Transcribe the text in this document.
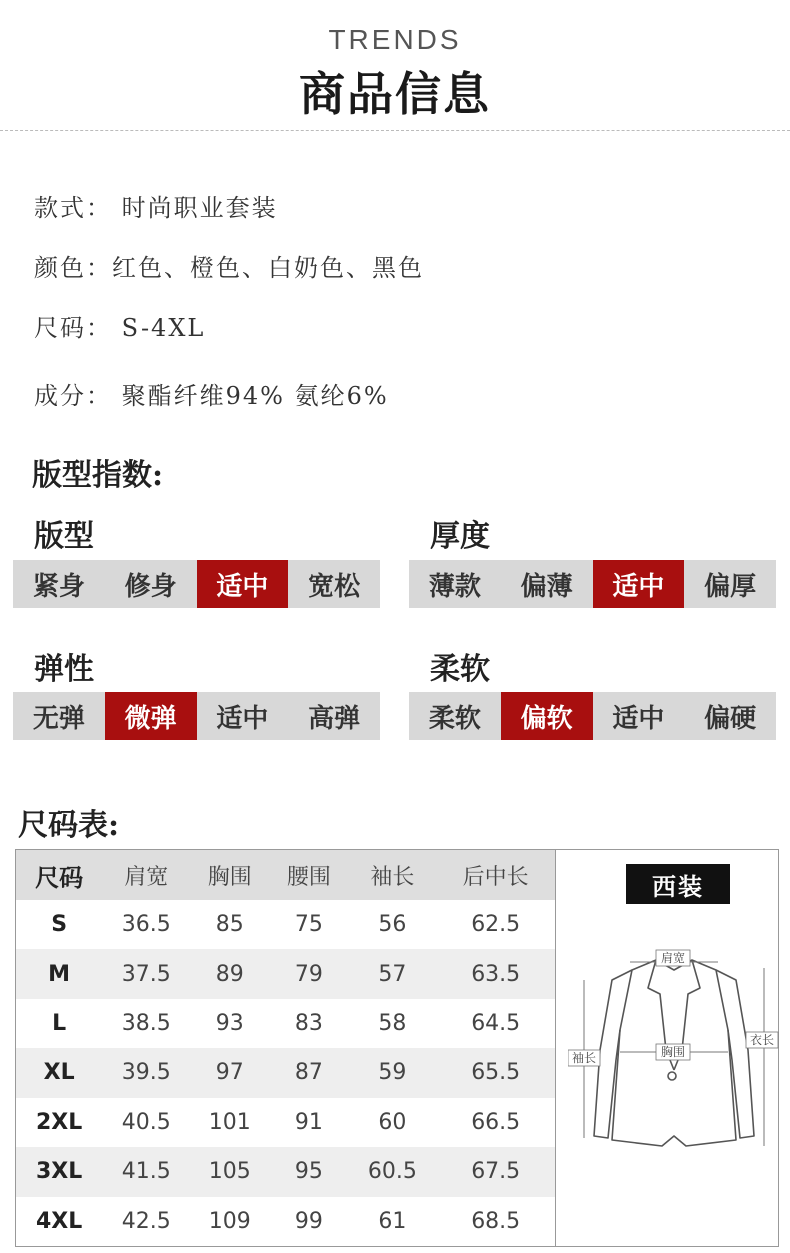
TRENDS
商品信息
款式： 时尚职业套装
颜色：红色、橙色、白奶色、黑色
尺码： S-4XL
成分： 聚酯纤维94% 氨纶6%
版型指数:
版型
紧身	修身	适中	宽松
厚度
薄款	偏薄	适中	偏厚
弹性
无弹	微弹	适中	高弹
柔软
柔软	偏软	适中	偏硬
尺码表:
尺码	肩宽	胸围	腰围	袖长	后中长
S	36.5	85	75	56	62.5
M	37.5	89	79	57	63.5
L	38.5	93	83	58	64.5
XL	39.5	97	87	59	65.5
2XL	40.5	101	91	60	66.5
3XL	41.5	105	95	60.5	67.5
4XL	42.5	109	99	61	68.5
西装
肩宽
胸围
袖长
衣长
